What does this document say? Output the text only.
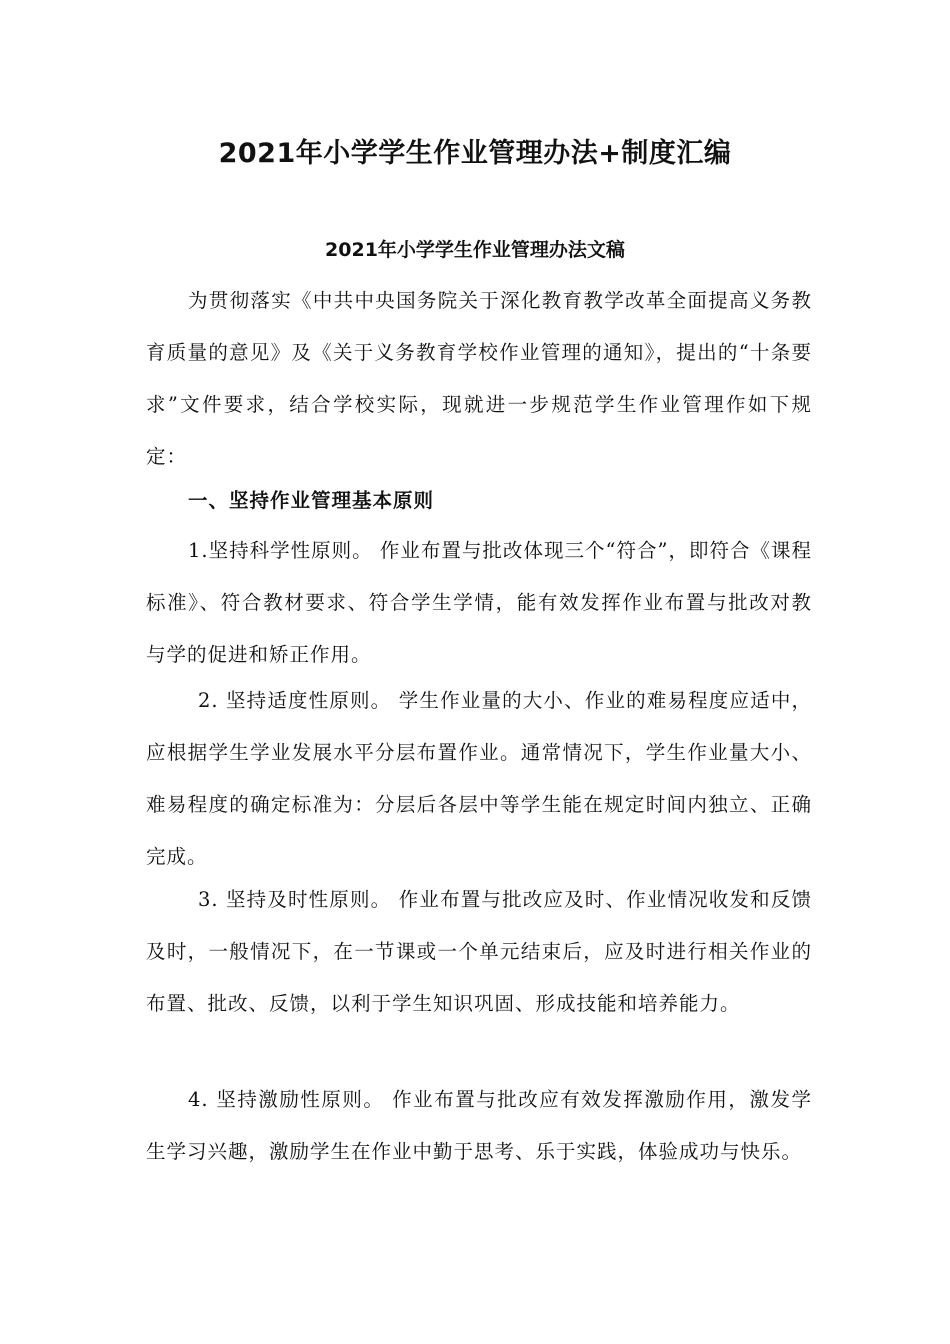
2021年小学学生作业管理办法+制度汇编
2021年小学学生作业管理办法文稿

为贯彻落实《中共中央国务院关于深化教育教学改革全面提高义务教育质量的意见》及《关于义务教育学校作业管理的通知》，提出的“十条要求”文件要求，结合学校实际，现就进一步规范学生作业管理作如下规定：

一、坚持作业管理基本原则

1.坚持科学性原则。 作业布置与批改体现三个“符合”，即符合《课程标准》、符合教材要求、符合学生学情，能有效发挥作业布置与批改对教与学的促进和矫正作用。

2. 坚持适度性原则。 学生作业量的大小、作业的难易程度应适中，应根据学生学业发展水平分层布置作业。通常情况下，学生作业量大小、难易程度的确定标准为：分层后各层中等学生能在规定时间内独立、正确完成。

3. 坚持及时性原则。 作业布置与批改应及时、作业情况收发和反馈及时，一般情况下，在一节课或一个单元结束后，应及时进行相关作业的布置、批改、反馈，以利于学生知识巩固、形成技能和培养能力。

4. 坚持激励性原则。 作业布置与批改应有效发挥激励作用，激发学生学习兴趣，激励学生在作业中勤于思考、乐于实践，体验成功与快乐。
